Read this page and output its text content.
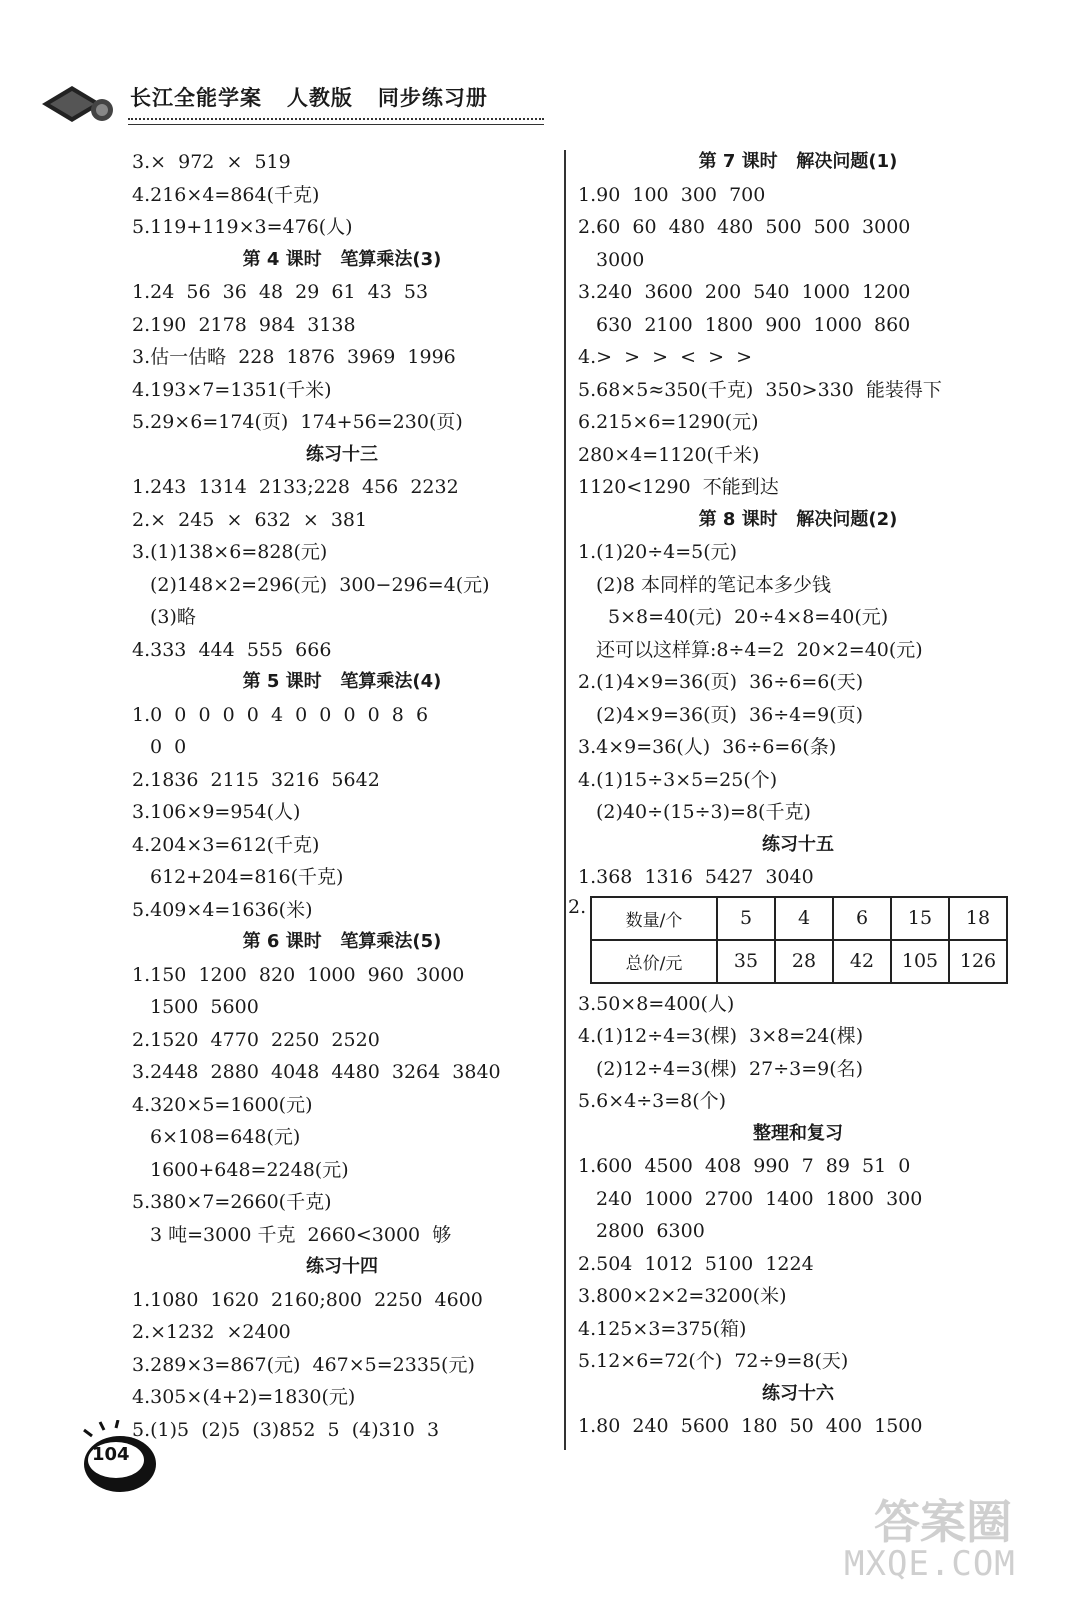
长江全能学案   人教版   同步练习册
3.×  972  ×  519
4.216×4=864(千克)
5.119+119×3=476(人)
第 4 课时   笔算乘法(3)
1.24  56  36  48  29  61  43  53
2.190  2178  984  3138
3.估一估略  228  1876  3969  1996
4.193×7=1351(千米)
5.29×6=174(页)  174+56=230(页)
练习十三
1.243  1314  2133;228  456  2232
2.×  245  ×  632  ×  381
3.(1)138×6=828(元)
(2)148×2=296(元)  300−296=4(元)
(3)略
4.333  444  555  666
第 5 课时   笔算乘法(4)
1.0  0  0  0  0  4  0  0  0  0  8  6
0  0
2.1836  2115  3216  5642
3.106×9=954(人)
4.204×3=612(千克)
612+204=816(千克)
5.409×4=1636(米)
第 6 课时   笔算乘法(5)
1.150  1200  820  1000  960  3000
1500  5600
2.1520  4770  2250  2520
3.2448  2880  4048  4480  3264  3840
4.320×5=1600(元)
6×108=648(元)
1600+648=2248(元)
5.380×7=2660(千克)
3 吨=3000 千克  2660<3000  够
练习十四
1.1080  1620  2160;800  2250  4600
2.×1232  ×2400
3.289×3=867(元)  467×5=2335(元)
4.305×(4+2)=1830(元)
5.(1)5  (2)5  (3)852  5  (4)310  3
第 7 课时   解决问题(1)
1.90  100  300  700
2.60  60  480  480  500  500  3000
3000
3.240  3600  200  540  1000  1200
630  2100  1800  900  1000  860
4.>  >  >  <  >  >
5.68×5≈350(千克)  350>330  能装得下
6.215×6=1290(元)
280×4=1120(千米)
1120<1290  不能到达
第 8 课时   解决问题(2)
1.(1)20÷4=5(元)
(2)8 本同样的笔记本多少钱
5×8=40(元)  20÷4×8=40(元)
还可以这样算:8÷4=2  20×2=40(元)
2.(1)4×9=36(页)  36÷6=6(天)
(2)4×9=36(页)  36÷4=9(页)
3.4×9=36(人)  36÷6=6(条)
4.(1)15÷3×5=25(个)
(2)40÷(15÷3)=8(千克)
练习十五
1.368  1316  5427  3040
2.
数量/个	5	4	6	15	18
总价/元	35	28	42	105	126
3.50×8=400(人)
4.(1)12÷4=3(棵)  3×8=24(棵)
(2)12÷4=3(棵)  27÷3=9(名)
5.6×4÷3=8(个)
整理和复习
1.600  4500  408  990  7  89  51  0
240  1000  2700  1400  1800  300
2800  6300
2.504  1012  5100  1224
3.800×2×2=3200(米)
4.125×3=375(箱)
5.12×6=72(个)  72÷9=8(天)
练习十六
1.80  240  5600  180  50  400  1500
104
答案圈
MXQE.COM
